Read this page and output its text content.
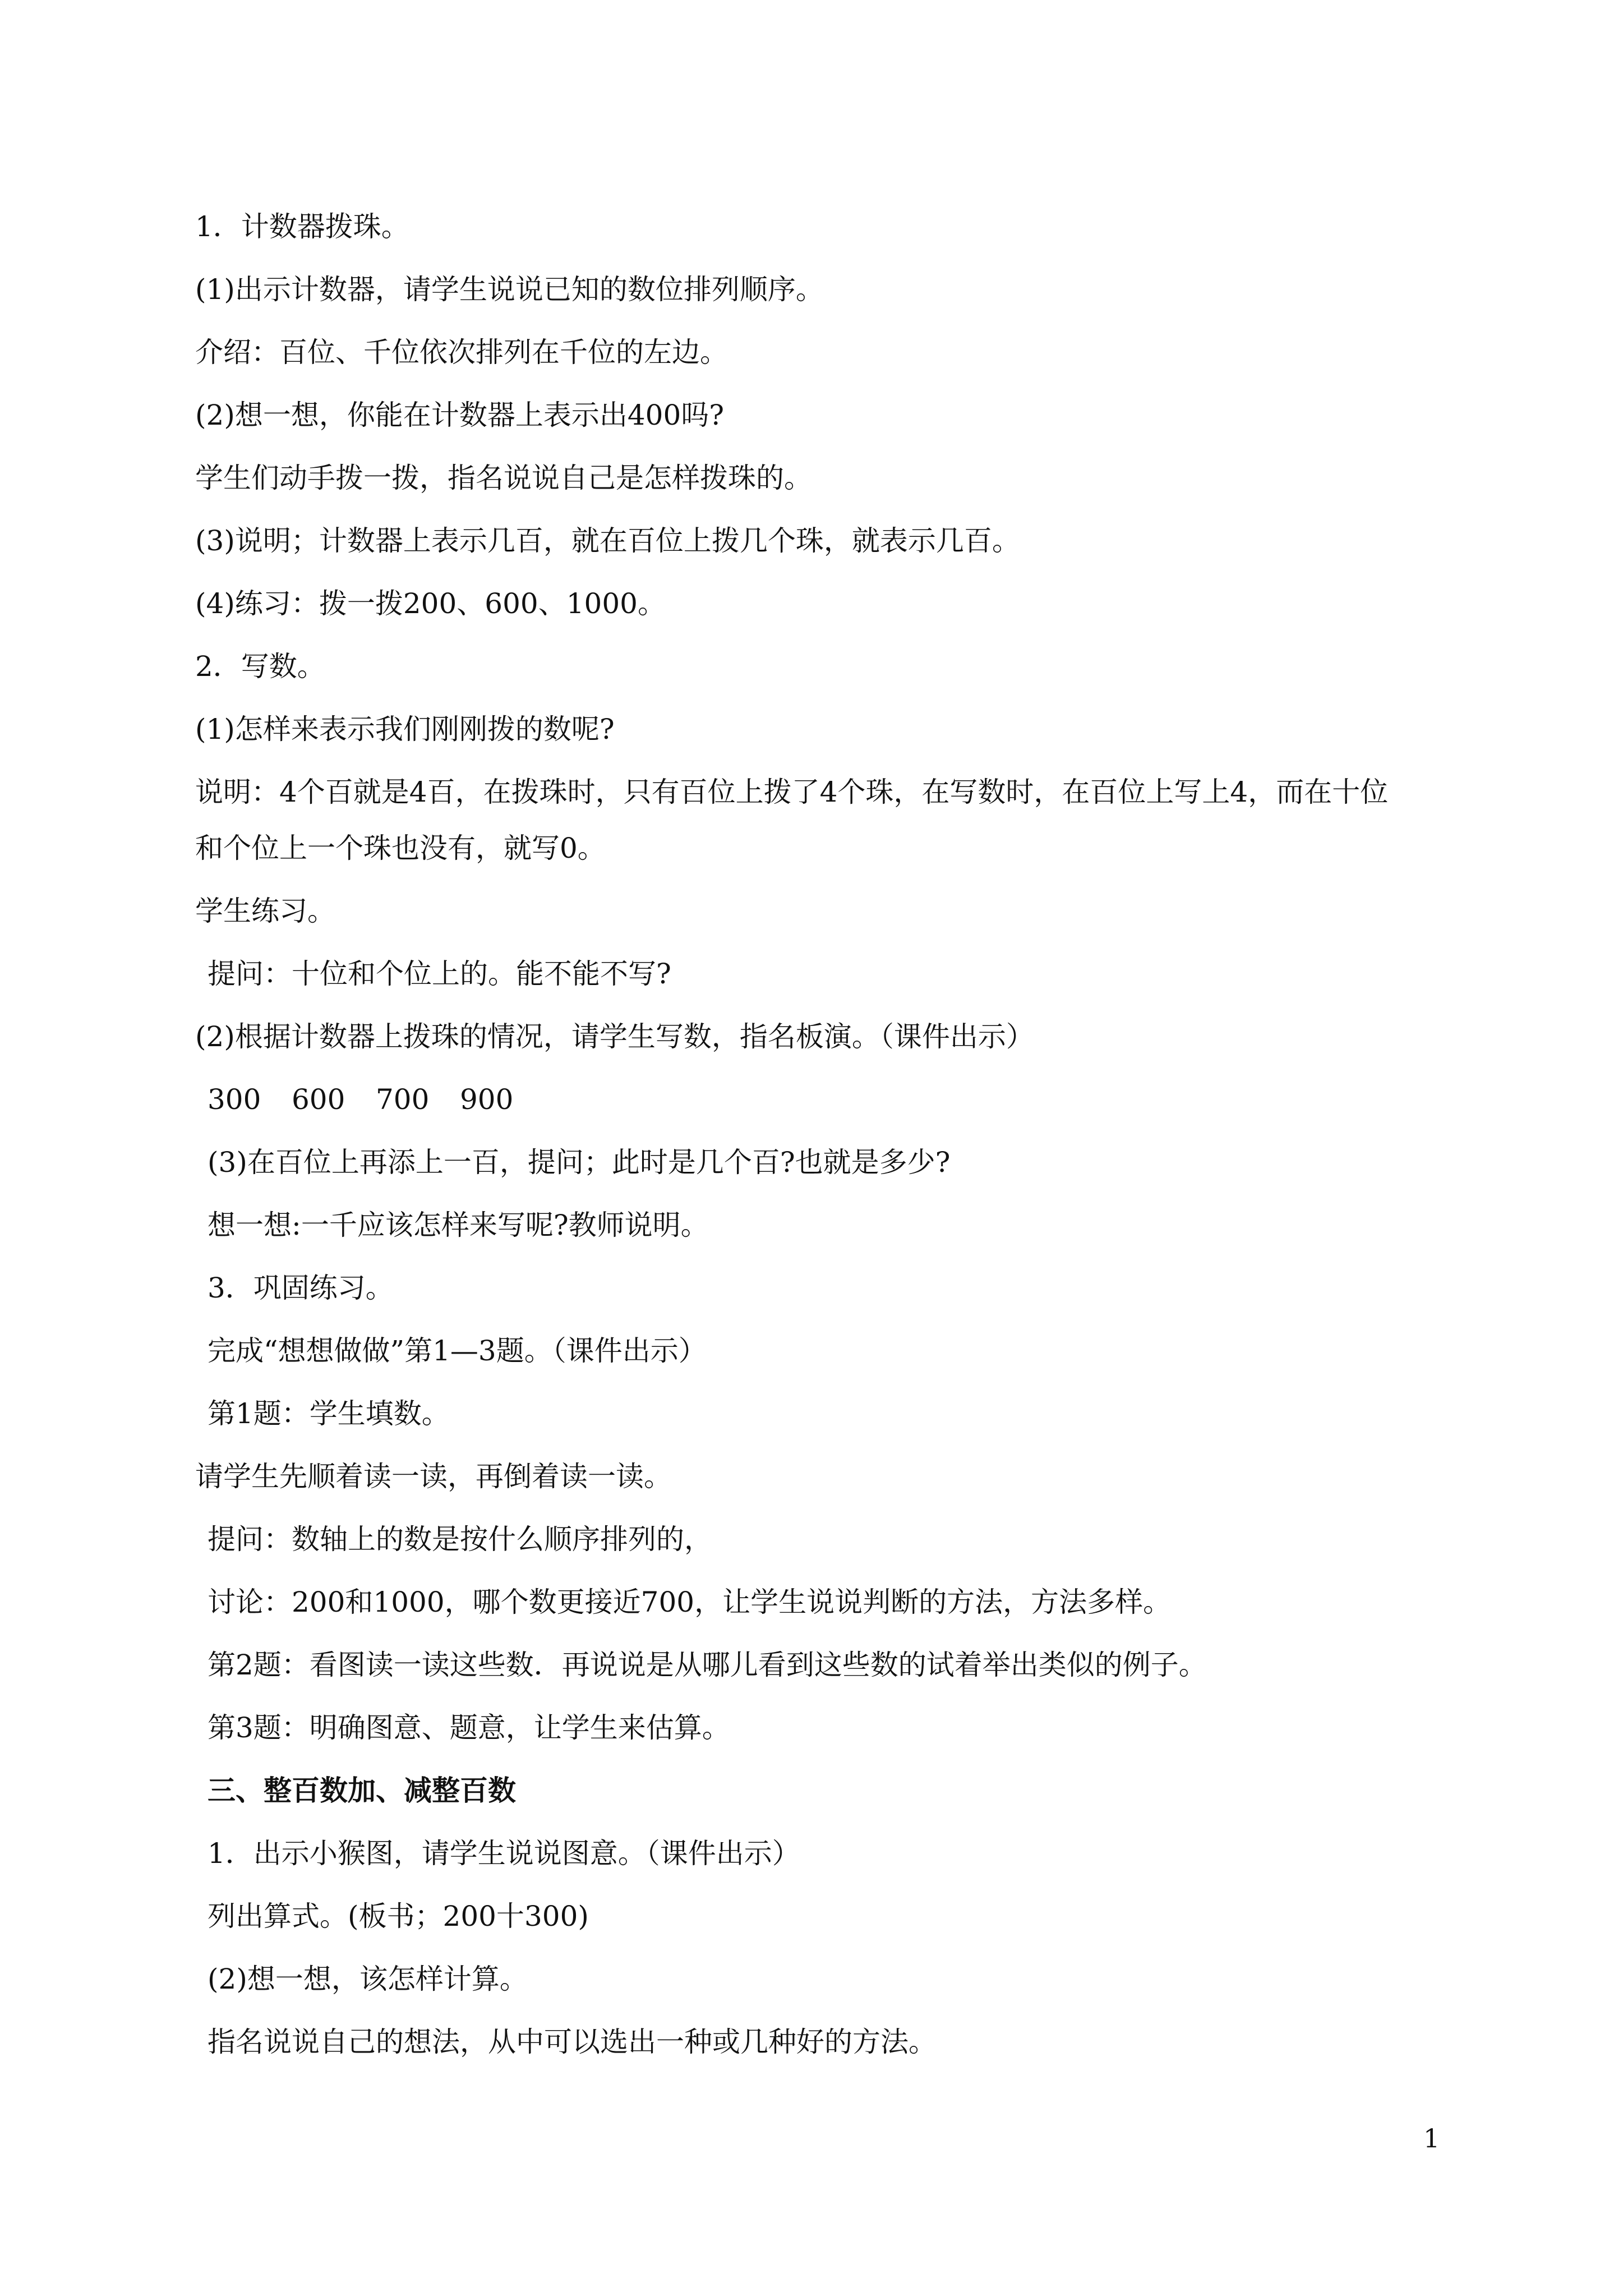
1．计数器拨珠。
(1)出示计数器，请学生说说已知的数位排列顺序。
介绍：百位、千位依次排列在千位的左边。
(2)想一想，你能在计数器上表示出400吗?
学生们动手拨一拨，指名说说自己是怎样拨珠的。
(3)说明；计数器上表示几百，就在百位上拨几个珠，就表示几百。
(4)练习：拨一拨200、600、1000。
2．写数。
(1)怎样来表示我们刚刚拨的数呢?
说明：4个百就是4百，在拨珠时，只有百位上拨了4个珠，在写数时，在百位上写上4，而在十位
和个位上一个珠也没有，就写0。
学生练习。
提问：十位和个位上的。能不能不写?
(2)根据计数器上拨珠的情况，请学生写数，指名板演。（课件出示）
300	600	700	900
(3)在百位上再添上一百，提问；此时是几个百?也就是多少?
想一想:一千应该怎样来写呢?教师说明。
3．巩固练习。
完成“想想做做”第1—3题。（课件出示）
第1题：学生填数。
请学生先顺着读一读，再倒着读一读。
提问：数轴上的数是按什么顺序排列的，
讨论：200和1000，哪个数更接近700，让学生说说判断的方法，方法多样。
第2题：看图读一读这些数．再说说是从哪儿看到这些数的试着举出类似的例子。
第3题：明确图意、题意，让学生来估算。
三、整百数加、减整百数
1．出示小猴图，请学生说说图意。（课件出示）
列出算式。(板书；200十300)
(2)想一想，该怎样计算。
指名说说自己的想法，从中可以选出一种或几种好的方法。
1
